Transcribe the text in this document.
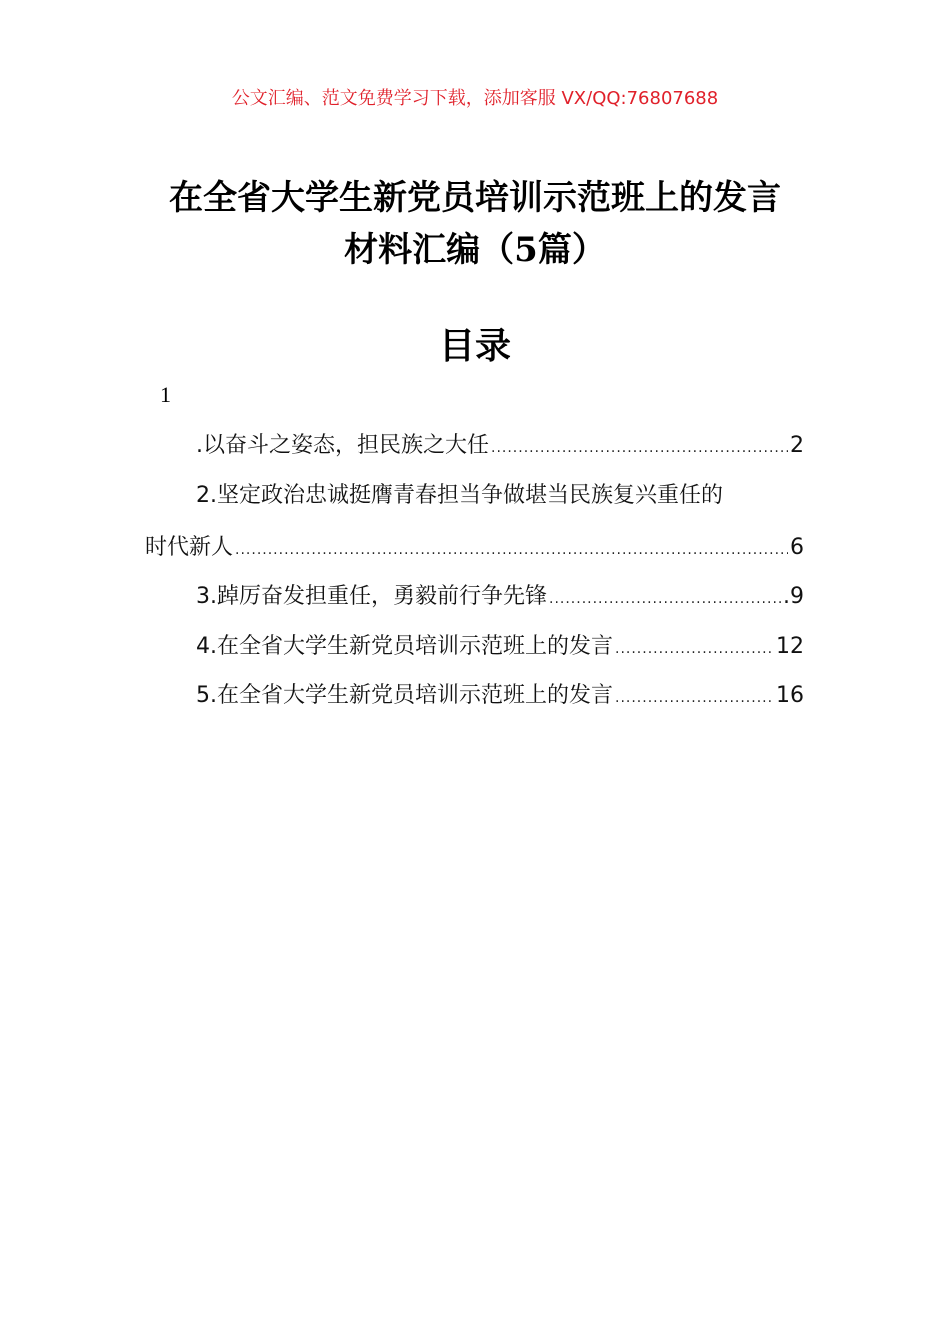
公文汇编、范文免费学习下载，添加客服 VX/QQ:76807688
在全省大学生新党员培训示范班上的发言
材料汇编（5篇）
目录
1
.以奋斗之姿态，担民族之大任 .....	2
2.坚定政治忠诚挺膺青春担当争做堪当民族复兴重任的
时代新人 .....	6
3.踔厉奋发担重任，勇毅前行争先锋 .....	.9
4.在全省大学生新党员培训示范班上的发言 .....	12
5.在全省大学生新党员培训示范班上的发言 .....	16
